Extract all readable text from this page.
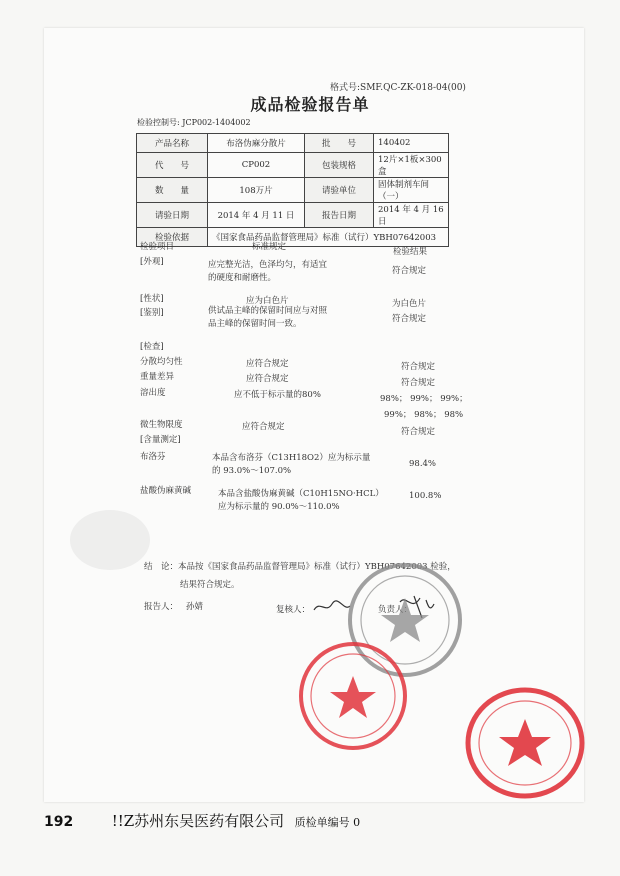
格式号:SMF.QC-ZK-018-04(00)
成品检验报告单
检验控制号: JCP002-1404002
产品名称	布洛伪麻分散片	批　　号	140402
代　　号	CP002	包装规格	12片×1板×300盒
数　　量	108万片	请验单位	固体制剂车间（一）
请验日期	2014 年 4 月 11 日	报告日期	2014 年 4 月 16 日
检验依据	《国家食品药品监督管理局》标准（试行）YBH07642003		
检验项目	标准规定	检验结果
[外观]	应完整光洁，色泽均匀，有适宜
的硬度和耐磨性。
符合规定
[性状]	应为白色片	为白色片
[鉴别]	供试品主峰的保留时间应与对照
品主峰的保留时间一致。	符合规定
[检查]
分散均匀性	应符合规定	符合规定
重量差异	应符合规定	符合规定
溶出度	应不低于标示量的80%	98%； 99%； 99%；
99%； 98%； 98%
微生物限度	应符合规定	符合规定
[含量测定]
布洛芬	本品含布洛芬（C13H18O2）应为标示量
的 93.0%～107.0%
98.4%
盐酸伪麻黄碱	本品含盐酸伪麻黄碱（C10H15NO·HCL）
应为标示量的 90.0%～110.0%
100.8%
结　论：本品按《国家食品药品监督管理局》标准（试行）YBH07642003 检验，
结果符合规定。
报告人： 孙婧	复核人：	负责人：
192	!!Z苏州东吴医药有限公司 质检单编号 0
